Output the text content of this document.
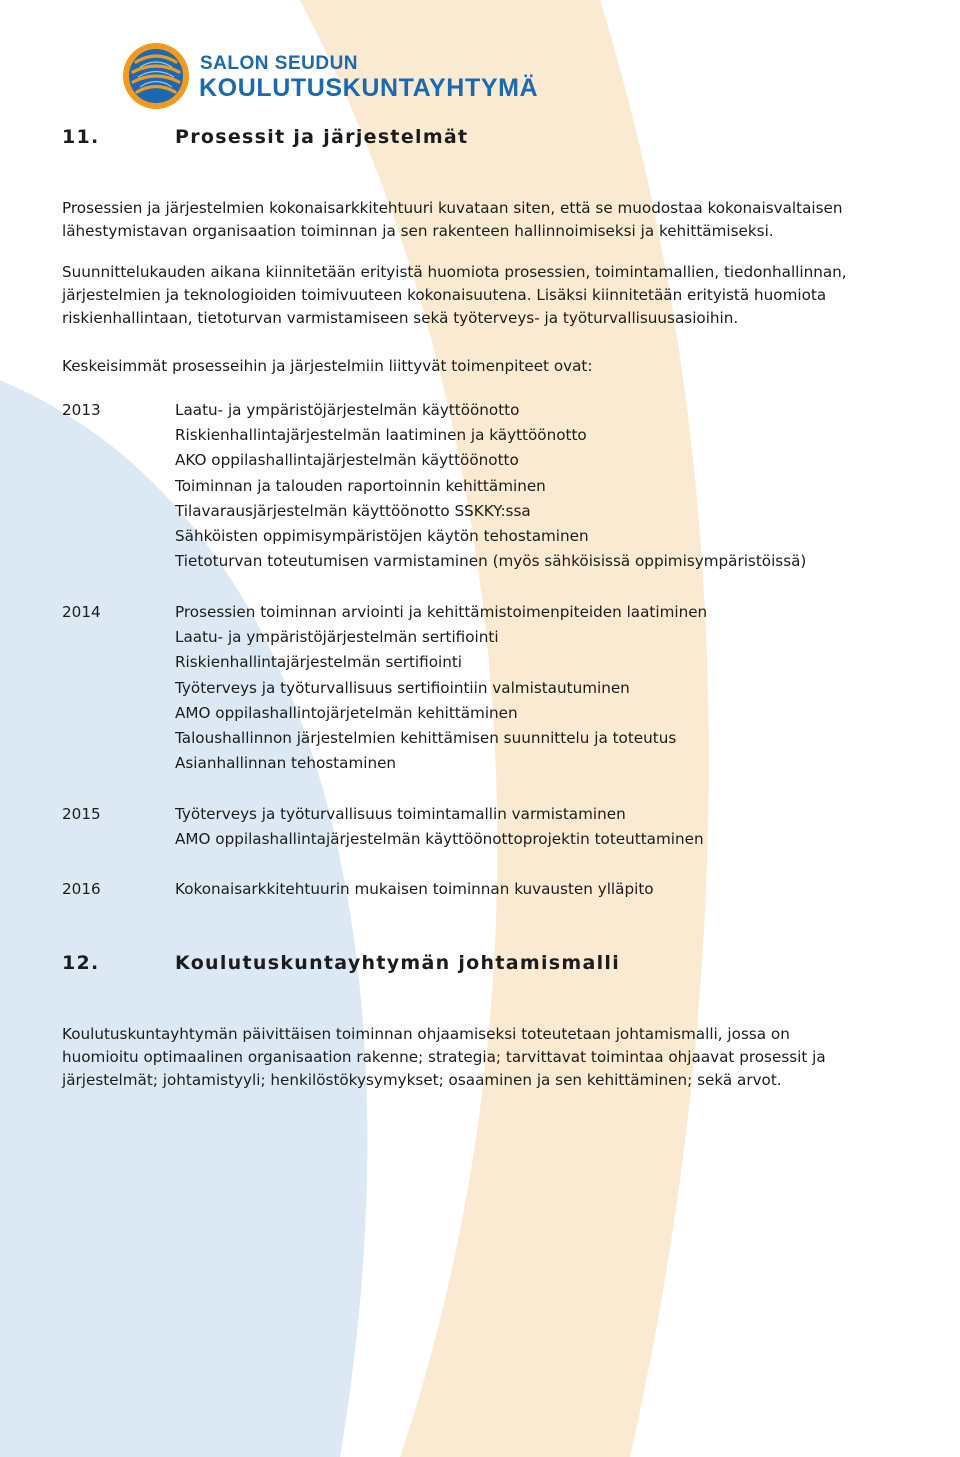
SALON SEUDUN
KOULUTUSKUNTAYHTYMÄ
11.	Prosessit ja järjestelmät
Prosessien ja järjestelmien kokonaisarkkitehtuuri kuvataan siten, että se muodostaa kokonaisvaltaisen
lähestymistavan organisaation toiminnan ja sen rakenteen hallinnoimiseksi ja kehittämiseksi.
Suunnittelukauden aikana kiinnitetään erityistä huomiota prosessien, toimintamallien, tiedonhallinnan,
järjestelmien ja teknologioiden toimivuuteen kokonaisuutena. Lisäksi kiinnitetään erityistä huomiota
riskienhallintaan, tietoturvan varmistamiseen sekä työterveys- ja työturvallisuusasioihin.
Keskeisimmät prosesseihin ja järjestelmiin liittyvät toimenpiteet ovat:
2013	Laatu- ja ympäristöjärjestelmän käyttöönotto
Riskienhallintajärjestelmän laatiminen ja käyttöönotto
AKO oppilashallintajärjestelmän käyttöönotto
Toiminnan ja talouden raportoinnin kehittäminen
Tilavarausjärjestelmän käyttöönotto SSKKY:ssa
Sähköisten oppimisympäristöjen käytön tehostaminen
Tietoturvan toteutumisen varmistaminen (myös sähköisissä oppimisympäristöissä)
2014	Prosessien toiminnan arviointi ja kehittämistoimenpiteiden laatiminen
Laatu- ja ympäristöjärjestelmän sertifiointi
Riskienhallintajärjestelmän sertifiointi
Työterveys ja työturvallisuus sertifiointiin valmistautuminen
AMO oppilashallintojärjetelmän kehittäminen
Taloushallinnon järjestelmien kehittämisen suunnittelu ja toteutus
Asianhallinnan tehostaminen
2015	Työterveys ja työturvallisuus toimintamallin varmistaminen
AMO oppilashallintajärjestelmän käyttöönottoprojektin toteuttaminen
2016	Kokonaisarkkitehtuurin mukaisen toiminnan kuvausten ylläpito
12.	Koulutuskuntayhtymän johtamismalli
Koulutuskuntayhtymän päivittäisen toiminnan ohjaamiseksi toteutetaan johtamismalli, jossa on
huomioitu optimaalinen organisaation rakenne; strategia; tarvittavat toimintaa ohjaavat prosessit ja
järjestelmät; johtamistyyli; henkilöstökysymykset; osaaminen ja sen kehittäminen; sekä arvot.
